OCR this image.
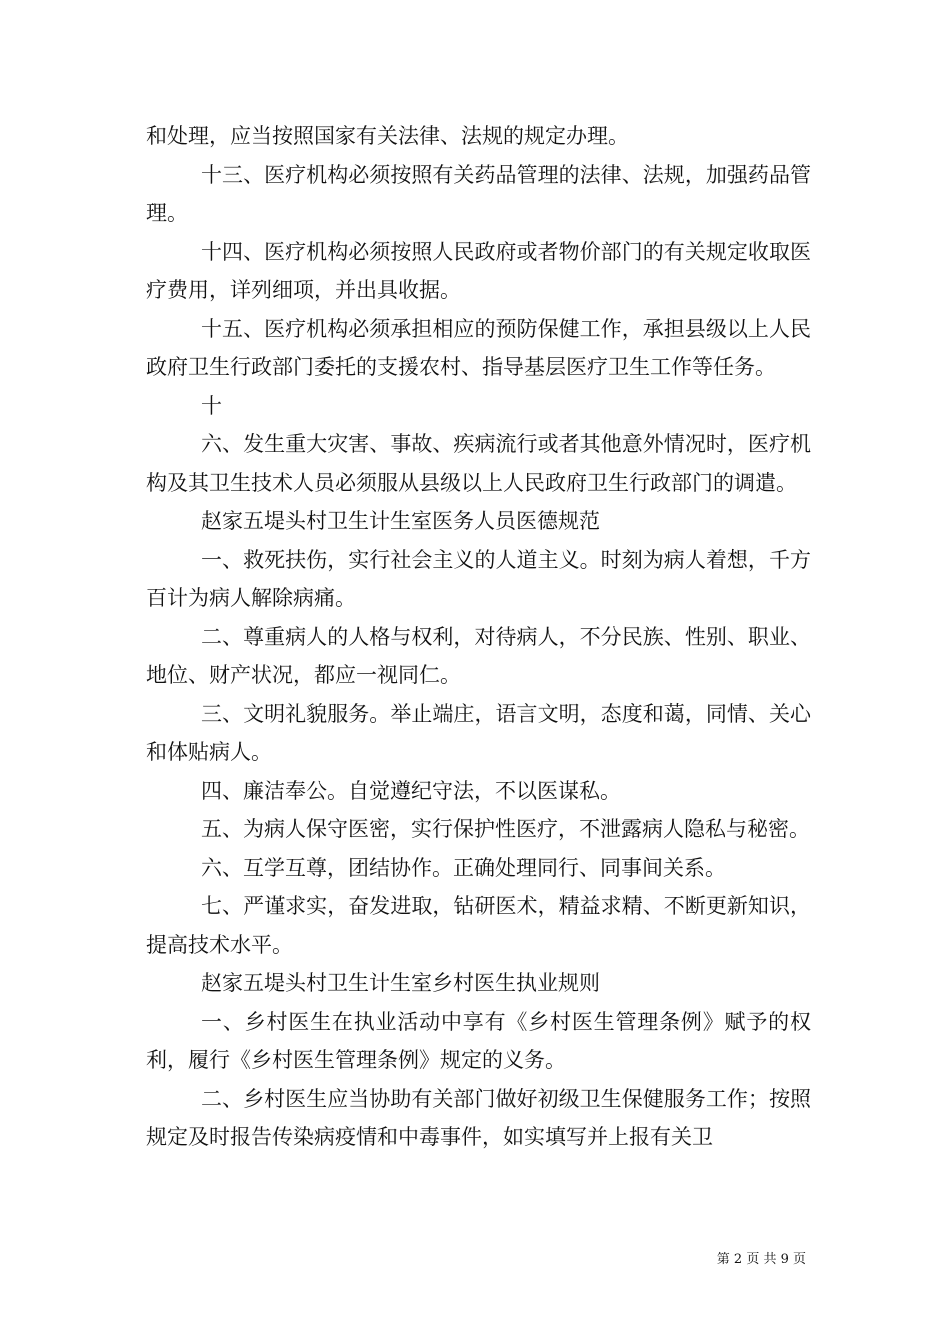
和处理，应当按照国家有关法律、法规的规定办理。

十三、医疗机构必须按照有关药品管理的法律、法规，加强药品管理。

十四、医疗机构必须按照人民政府或者物价部门的有关规定收取医疗费用，详列细项，并出具收据。

十五、医疗机构必须承担相应的预防保健工作，承担县级以上人民政府卫生行政部门委托的支援农村、指导基层医疗卫生工作等任务。

十

六、发生重大灾害、事故、疾病流行或者其他意外情况时，医疗机构及其卫生技术人员必须服从县级以上人民政府卫生行政部门的调遣。

赵家五堤头村卫生计生室医务人员医德规范

一、救死扶伤，实行社会主义的人道主义。时刻为病人着想，千方百计为病人解除病痛。

二、尊重病人的人格与权利，对待病人，不分民族、性别、职业、地位、财产状况，都应一视同仁。

三、文明礼貌服务。举止端庄，语言文明，态度和蔼，同情、关心和体贴病人。

四、廉洁奉公。自觉遵纪守法，不以医谋私。

五、为病人保守医密，实行保护性医疗，不泄露病人隐私与秘密。

六、互学互尊，团结协作。正确处理同行、同事间关系。

七、严谨求实，奋发进取，钻研医术，精益求精、不断更新知识，提高技术水平。

赵家五堤头村卫生计生室乡村医生执业规则

一、乡村医生在执业活动中享有《乡村医生管理条例》赋予的权利，履行《乡村医生管理条例》规定的义务。

二、乡村医生应当协助有关部门做好初级卫生保健服务工作；按照规定及时报告传染病疫情和中毒事件，如实填写并上报有关卫

第 2 页 共 9 页
